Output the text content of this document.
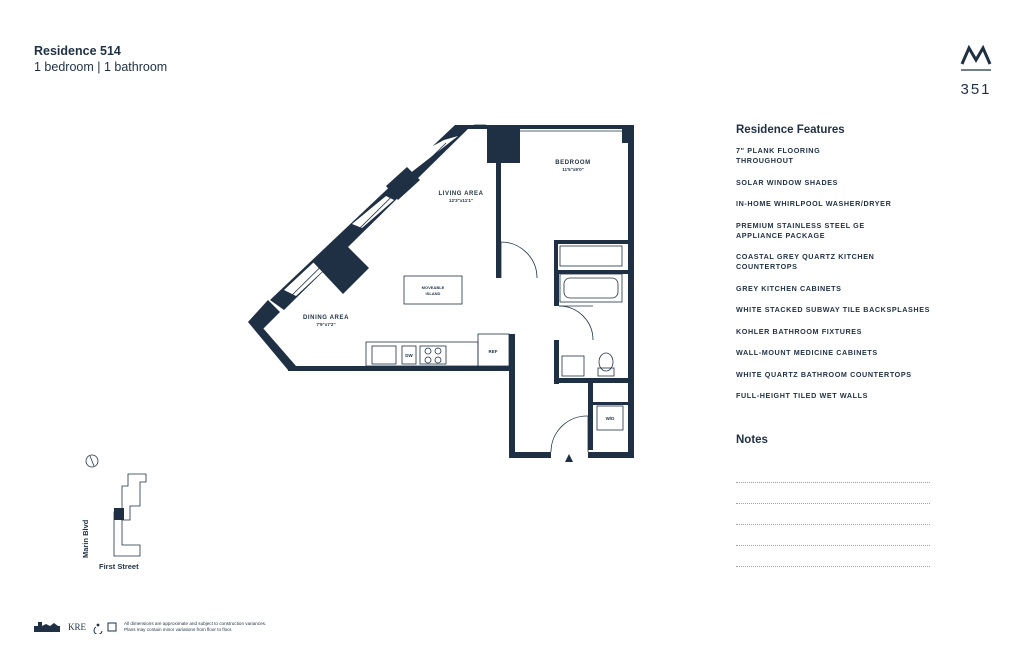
Residence 514
1 bedroom | 1 bathroom
351
BEDROOM
11'5"x9'0"
LIVING AREA
12'3"x11'1"
DINING AREA
7'9"x7'2"
MOVEABLE
ISLAND
DW
REF
W/D
First Street
Marin Blvd
Residence Features
7" PLANK FLOORING THROUGHOUT
SOLAR WINDOW SHADES
IN-HOME WHIRLPOOL WASHER/DRYER
PREMIUM STAINLESS STEEL GE APPLIANCE PACKAGE
COASTAL GREY QUARTZ KITCHEN COUNTERTOPS
GREY KITCHEN CABINETS
WHITE STACKED SUBWAY TILE BACKSPLASHES
KOHLER BATHROOM FIXTURES
WALL-MOUNT MEDICINE CABINETS
WHITE QUARTZ BATHROOM COUNTERTOPS
FULL-HEIGHT TILED WET WALLS
Notes
KRE	All dimensions are approximate and subject to construction variances.
Plans may contain minor variations from floor to floor.
